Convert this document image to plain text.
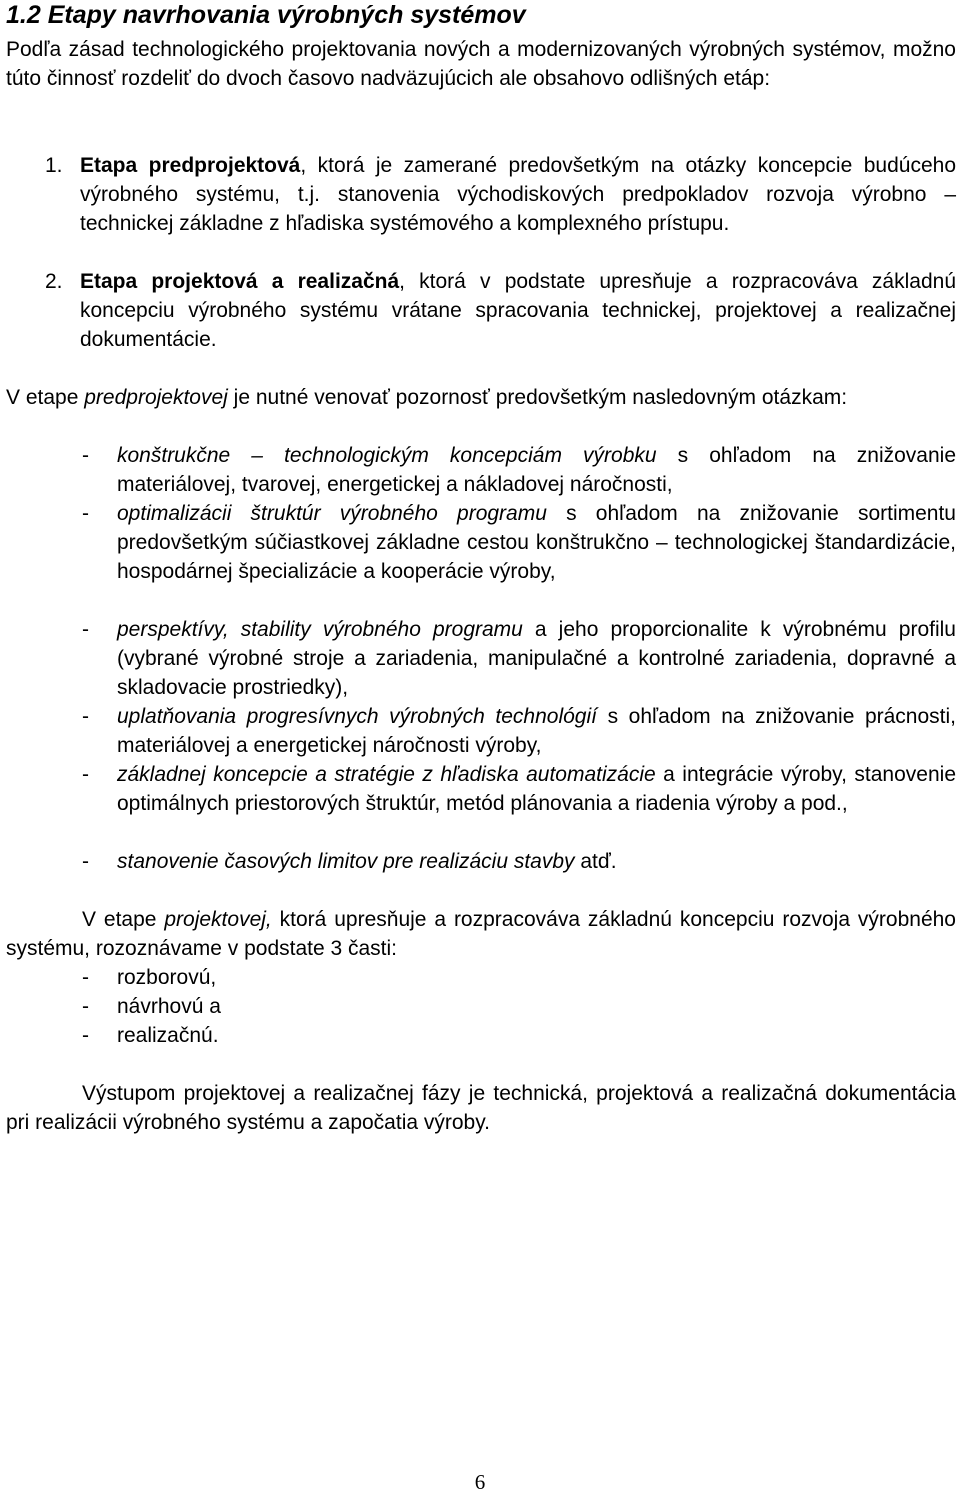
1.2 Etapy navrhovania výrobných systémov
Podľa zásad technologického projektovania nových a modernizovaných výrobných systémov, možno túto činnosť rozdeliť do dvoch časovo nadväzujúcich ale obsahovo odlišných etáp:
1. Etapa predprojektová, ktorá je zamerané predovšetkým na otázky koncepcie budúceho výrobného systému, t.j. stanovenia východiskových predpokladov rozvoja výrobno – technickej základne z hľadiska systémového a komplexného prístupu.
2. Etapa projektová a realizačná, ktorá v podstate upresňuje a rozpracováva základnú koncepciu výrobného systému vrátane spracovania technickej, projektovej a realizačnej dokumentácie.
V etape predprojektovej je nutné venovať pozornosť predovšetkým nasledovným otázkam:
- konštrukčne – technologickým koncepciám výrobku s ohľadom na znižovanie materiálovej, tvarovej, energetickej a nákladovej náročnosti,
- optimalizácii štruktúr výrobného programu s ohľadom na znižovanie sortimentu predovšetkým súčiastkovej základne cestou konštrukčno – technologickej štandardizácie, hospodárnej špecializácie a kooperácie výroby,
- perspektívy, stability výrobného programu a jeho proporcionalite k výrobnému profilu (vybrané výrobné stroje a zariadenia, manipulačné a kontrolné zariadenia, dopravné a skladovacie prostriedky),
- uplatňovania progresívnych výrobných technológií s ohľadom na znižovanie prácnosti, materiálovej a energetickej náročnosti výroby,
- základnej koncepcie a stratégie z hľadiska automatizácie a integrácie výroby, stanovenie optimálnych priestorových štruktúr, metód plánovania a riadenia výroby a pod.,
- stanovenie časových limitov pre realizáciu stavby atď.
V etape projektovej, ktorá upresňuje a rozpracováva základnú koncepciu rozvoja výrobného systému, rozoznávame v podstate 3 časti:
- rozborovú,
- návrhovú a
- realizačnú.
Výstupom projektovej a realizačnej fázy je technická, projektová a realizačná dokumentácia pri realizácii výrobného systému a započatia výroby.
6
